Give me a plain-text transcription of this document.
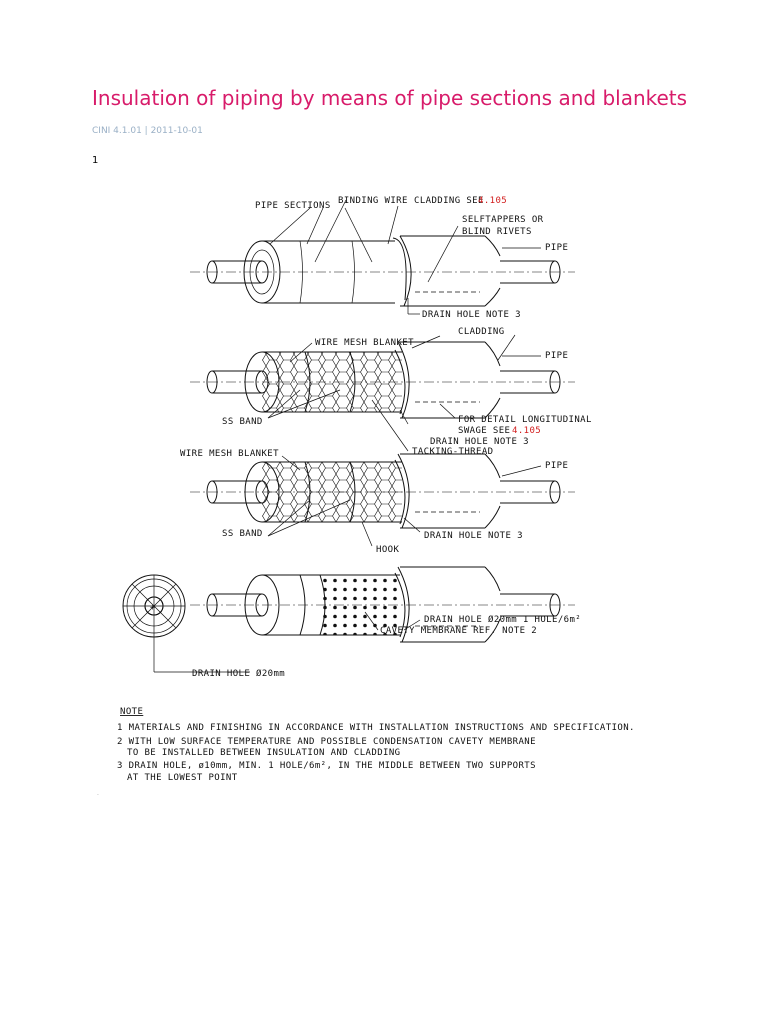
Insulation of piping by means of pipe sections and blankets
CINI 4.1.01 | 2011-10-01
1
PIPE SECTIONS BINDING WIRE CLADDING SEE
4.105
SELFTAPPERS OR
BLIND RIVETS
PIPE
DRAIN HOLE NOTE 3
WIRE MESH BLANKET
CLADDING
PIPE
SS BAND	FOR DETAIL LONGITUDINAL
SWAGE SEE 4.105
DRAIN HOLE NOTE 3
TACKING-THREAD
WIRE MESH BLANKET
PIPE
SS BAND	DRAIN HOLE NOTE 3
HOOK
+
DRAIN HOLE Ø20mm 1 HOLE/6m²
CAVETY MEMBRANE REF. NOTE 2
DRAIN HOLE Ø20mm
NOTE
1 MATERIALS AND FINISHING IN ACCORDANCE WITH INSTALLATION INSTRUCTIONS AND SPECIFICATION.
2 WITH LOW SURFACE TEMPERATURE AND POSSIBLE CONDENSATION CAVETY MEMBRANE
TO BE INSTALLED BETWEEN INSULATION AND CLADDING
3 DRAIN HOLE, ø10mm, MIN. 1 HOLE/6m², IN THE MIDDLE BETWEEN TWO SUPPORTS
AT THE LOWEST POINT
.
